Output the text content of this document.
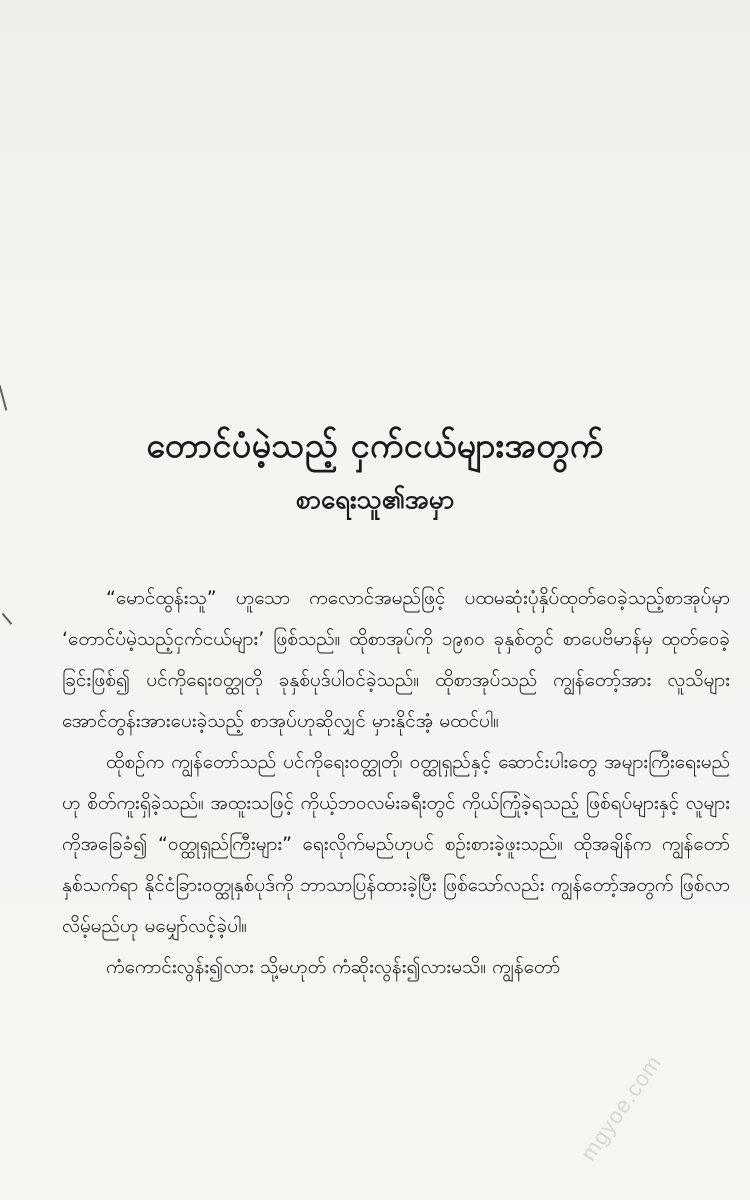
တောင်ပံမဲ့သည့် ငှက်ငယ်များအတွက်
စာရေးသူ၏အမှာ

“မောင်ထွန်းသူ” ဟူသော ကလောင်အမည်ဖြင့် ပထမဆုံးပုံနှိပ်ထုတ်ဝေခဲ့သည့်စာအုပ်မှာ ‘တောင်ပံမဲ့သည့်ငှက်ငယ်များ’ ဖြစ်သည်။ ထိုစာအုပ်ကို ၁၉၈၀ ခုနှစ်တွင် စာပေဗိမာန်မှ ထုတ်ဝေခဲ့ခြင်းဖြစ်၍ ပင်ကိုရေးဝတ္ထုတို ခုနှစ်ပုဒ်ပါဝင်ခဲ့သည်။ ထိုစာအုပ်သည် ကျွန်တော့်အား လူသိများ အောင်တွန်းအားပေးခဲ့သည့် စာအုပ်ဟုဆိုလျှင် မှားနိုင်အံ့ မထင်ပါ။

ထိုစဉ်က ကျွန်တော်သည် ပင်ကိုရေးဝတ္ထုတို၊ ဝတ္ထုရှည်နှင့် ဆောင်းပါးတွေ အများကြီးရေးမည်ဟု စိတ်ကူးရှိခဲ့သည်။ အထူးသဖြင့် ကိုယ့်ဘဝလမ်းခရီးတွင် ကိုယ်ကြုံခဲ့ရသည့် ဖြစ်ရပ်များနှင့် လူများကိုအခြေခံ၍ “ဝတ္ထုရှည်ကြီးများ” ရေးလိုက်မည်ဟုပင် စဉ်းစားခဲ့ဖူးသည်။ ထိုအချိန်က ကျွန်တော်နှစ်သက်ရာ နိုင်ငံခြားဝတ္ထုနှစ်ပုဒ်ကို ဘာသာပြန်ထားခဲ့ပြီး ဖြစ်သော်လည်း ကျွန်တော့်အတွက် ဖြစ်လာလိမ့်မည်ဟု မမျှော်လင့်ခဲ့ပါ။

ကံကောင်းလွန်း၍လား သို့မဟုတ် ကံဆိုးလွန်း၍လားမသိ။ ကျွန်တော်

mgyoe.com
